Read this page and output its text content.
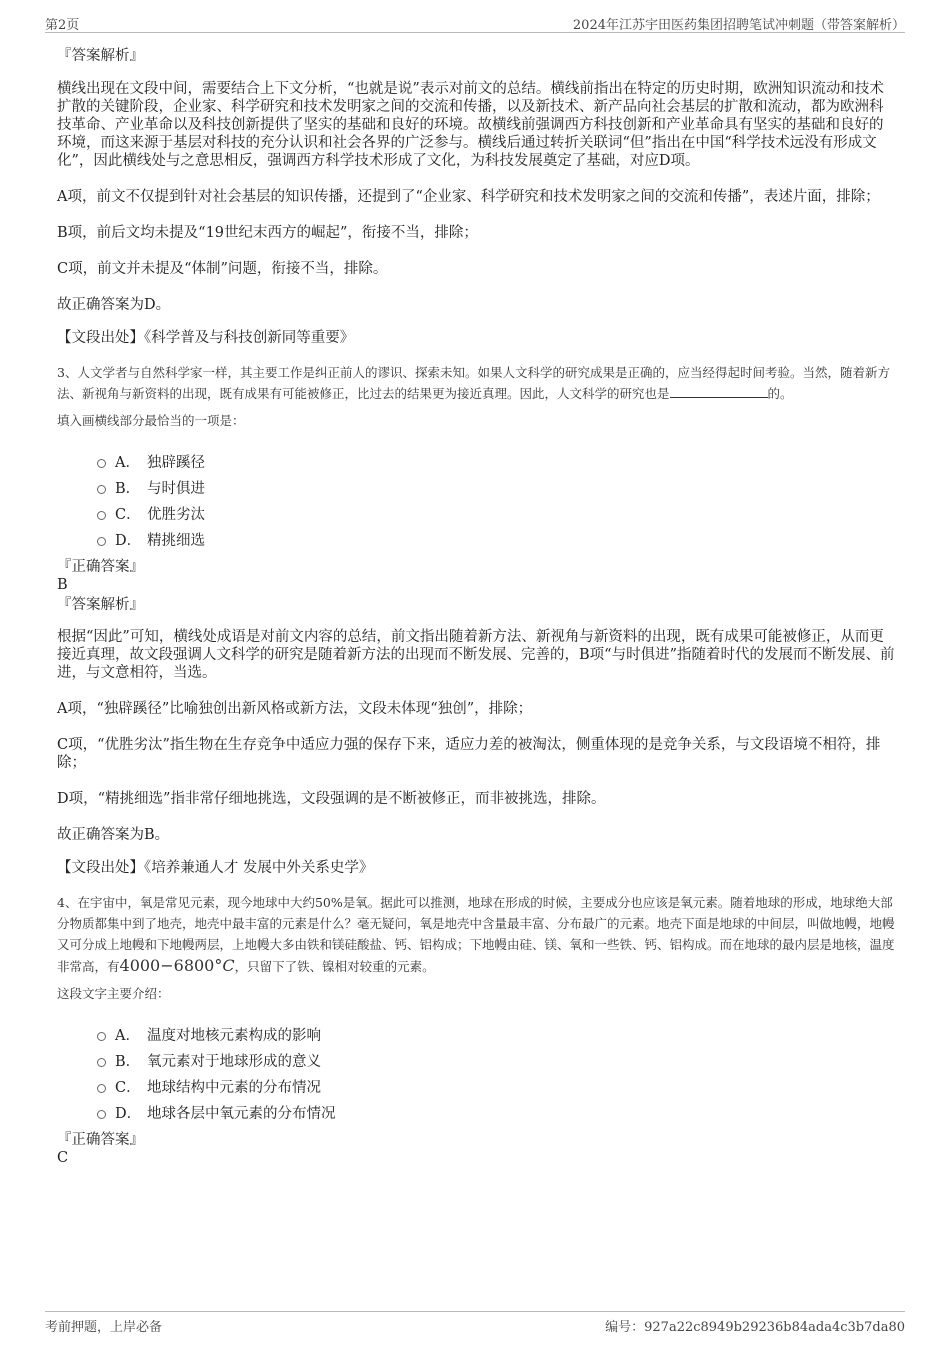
第2页	2024年江苏宇田医药集团招聘笔试冲刺题（带答案解析）

『答案解析』

横线出现在文段中间，需要结合上下文分析，“也就是说”表示对前文的总结。横线前指出在特定的历史时期，欧洲知识流动和技术扩散的关键阶段，企业家、科学研究和技术发明家之间的交流和传播，以及新技术、新产品向社会基层的扩散和流动，都为欧洲科技革命、产业革命以及科技创新提供了坚实的基础和良好的环境。故横线前强调西方科技创新和产业革命具有坚实的基础和良好的环境，而这来源于基层对科技的充分认识和社会各界的广泛参与。横线后通过转折关联词“但”指出在中国“科学技术远没有形成文化”，因此横线处与之意思相反，强调西方科学技术形成了文化，为科技发展奠定了基础，对应D项。

A项，前文不仅提到针对社会基层的知识传播，还提到了“企业家、科学研究和技术发明家之间的交流和传播”，表述片面，排除；

B项，前后文均未提及“19世纪末西方的崛起”，衔接不当，排除；

C项，前文并未提及“体制”问题，衔接不当，排除。

故正确答案为D。

【文段出处】《科学普及与科技创新同等重要》

3、人文学者与自然科学家一样，其主要工作是纠正前人的谬识、探索未知。如果人文科学的研究成果是正确的，应当经得起时间考验。当然，随着新方法、新视角与新资料的出现，既有成果有可能被修正，比过去的结果更为接近真理。因此，人文科学的研究也是	的。

填入画横线部分最恰当的一项是：

A． 独辟蹊径
B． 与时俱进
C． 优胜劣汰
D． 精挑细选

『正确答案』

B

『答案解析』

根据“因此”可知，横线处成语是对前文内容的总结，前文指出随着新方法、新视角与新资料的出现，既有成果可能被修正，从而更接近真理，故文段强调人文科学的研究是随着新方法的出现而不断发展、完善的，B项“与时俱进”指随着时代的发展而不断发展、前进，与文意相符，当选。

A项，“独辟蹊径”比喻独创出新风格或新方法，文段未体现“独创”，排除；

C项，“优胜劣汰”指生物在生存竞争中适应力强的保存下来，适应力差的被淘汰，侧重体现的是竞争关系，与文段语境不相符，排除；

D项，“精挑细选”指非常仔细地挑选，文段强调的是不断被修正，而非被挑选，排除。

故正确答案为B。

【文段出处】《培养兼通人才 发展中外关系史学》

4、在宇宙中，氧是常见元素，现今地球中大约50%是氧。据此可以推测，地球在形成的时候，主要成分也应该是氧元素。随着地球的形成，地球绝大部分物质都集中到了地壳，地壳中最丰富的元素是什么？毫无疑问，氧是地壳中含量最丰富、分布最广的元素。地壳下面是地球的中间层，叫做地幔，地幔又可分成上地幔和下地幔两层，上地幔大多由铁和镁硅酸盐、钙、铝构成；下地幔由硅、镁、氧和一些铁、钙、铝构成。而在地球的最内层是地核，温度非常高，有4000−6800°C，只留下了铁、镍相对较重的元素。

这段文字主要介绍：

A． 温度对地核元素构成的影响
B． 氧元素对于地球形成的意义
C． 地球结构中元素的分布情况
D． 地球各层中氧元素的分布情况

『正确答案』

C

考前押题，上岸必备	编号：927a22c8949b29236b84ada4c3b7da80
